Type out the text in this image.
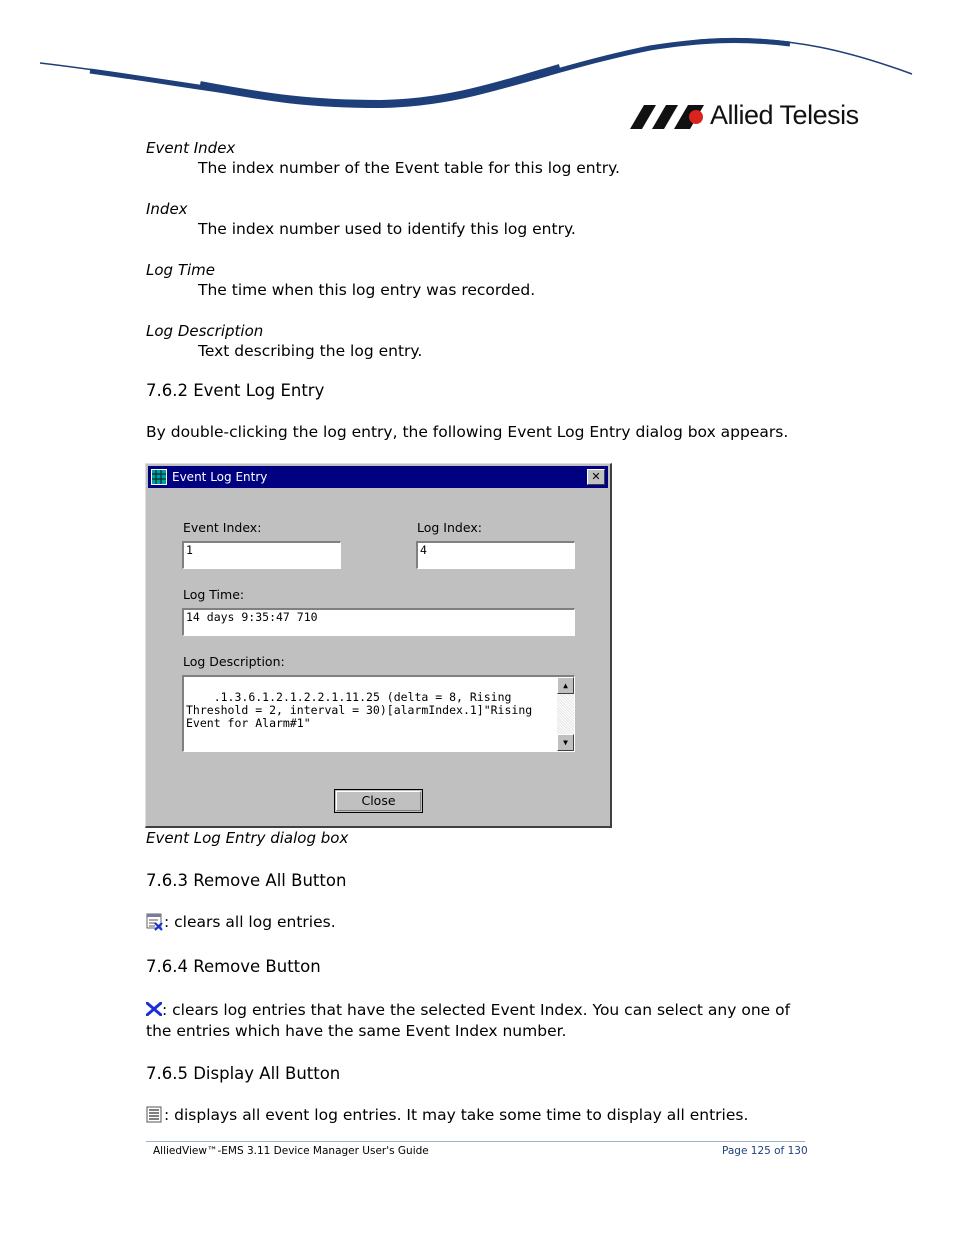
Allied Telesis
Event Index
The index number of the Event table for this log entry.
Index
The index number used to identify this log entry.
Log Time
The time when this log entry was recorded.
Log Description
Text describing the log entry.
7.6.2 Event Log Entry
By double-clicking the log entry, the following Event Log Entry dialog box appears.
Event Log Entry	✕
Event Index:
1
Log Index:
4
Log Time:
14 days 9:35:47 710
Log Description:

.1.3.6.1.2.1.2.2.1.11.25 (delta = 8, Rising Threshold = 2, interval = 30)[alarmIndex.1]"Rising Event for Alarm#1"

▲

▼

Close
Event Log Entry dialog box
7.6.3 Remove All Button
: clears all log entries.
7.6.4 Remove Button
: clears log entries that have the selected Event Index. You can select any one of the entries which have the same Event Index number.
7.6.5 Display All Button
: displays all event log entries. It may take some time to display all entries.
AlliedView™-EMS 3.11 Device Manager User's Guide	Page 125 of 130
